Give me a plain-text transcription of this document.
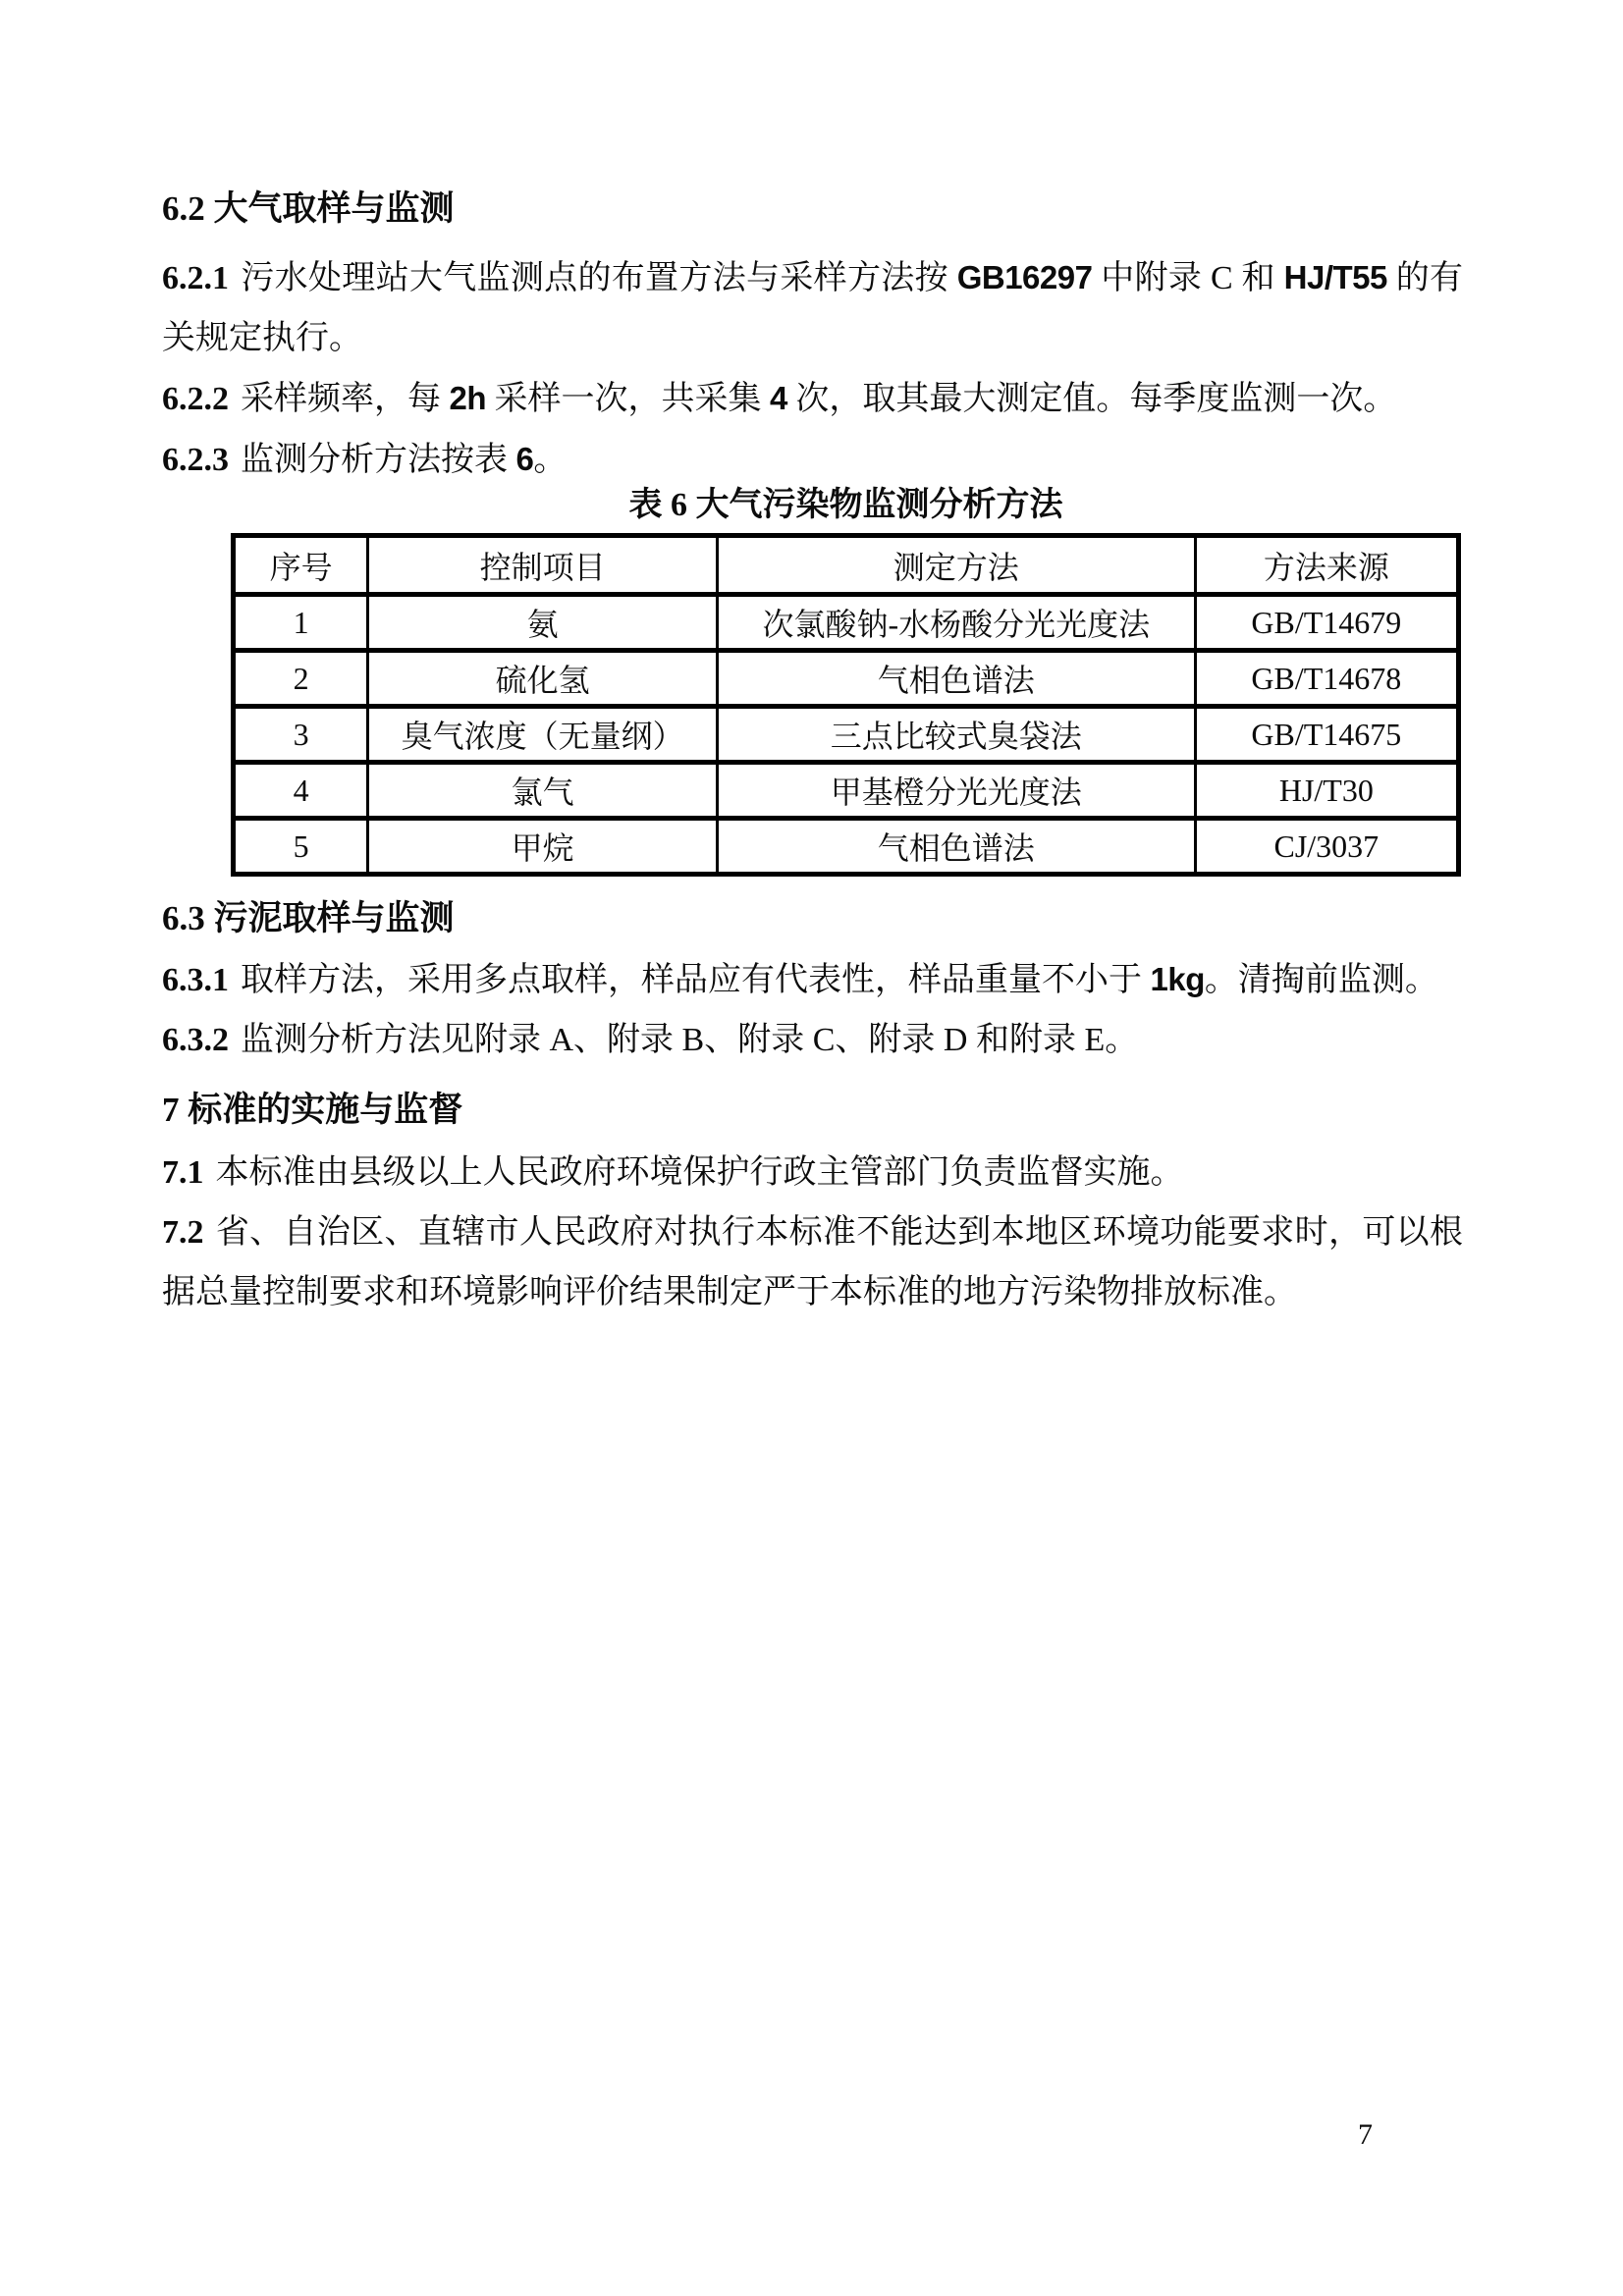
6.2 大气取样与监测

6.2.1 污水处理站大气监测点的布置方法与采样方法按 GB16297 中附录 C 和 HJ/T55 的有关规定执行。

6.2.2 采样频率，每 2h 采样一次，共采集 4 次，取其最大测定值。每季度监测一次。

6.2.3 监测分析方法按表 6。

表 6 大气污染物监测分析方法
序号	控制项目	测定方法	方法来源
1	氨	次氯酸钠-水杨酸分光光度法	GB/T14679
2	硫化氢	气相色谱法	GB/T14678
3	臭气浓度（无量纲）	三点比较式臭袋法	GB/T14675
4	氯气	甲基橙分光光度法	HJ/T30
5	甲烷	气相色谱法	CJ/3037
6.3 污泥取样与监测

6.3.1 取样方法，采用多点取样，样品应有代表性，样品重量不小于 1kg。清掏前监测。

6.3.2 监测分析方法见附录 A、附录 B、附录 C、附录 D 和附录 E。

7 标准的实施与监督

7.1 本标准由县级以上人民政府环境保护行政主管部门负责监督实施。

7.2 省、自治区、直辖市人民政府对执行本标准不能达到本地区环境功能要求时，可以根据总量控制要求和环境影响评价结果制定严于本标准的地方污染物排放标准。

7
